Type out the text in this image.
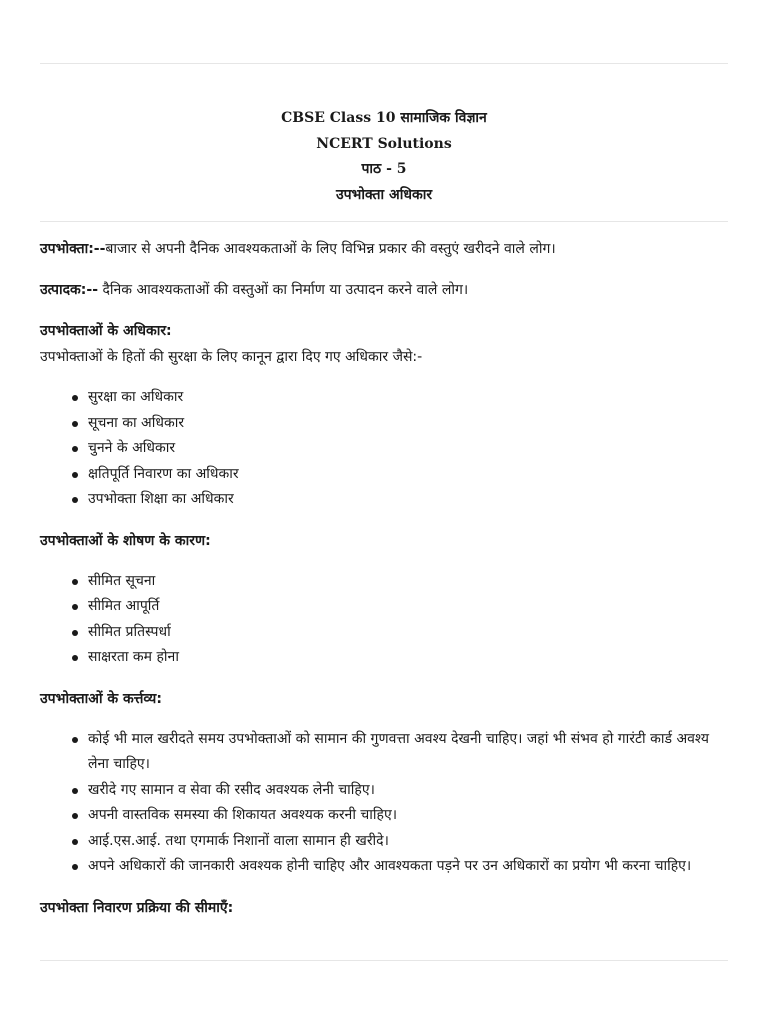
CBSE Class 10 सामाजिक विज्ञान
NCERT Solutions
पाठ - 5
उपभोक्ता अधिकार

उपभोक्ता:--बाजार से अपनी दैनिक आवश्यकताओं के लिए विभिन्न प्रकार की वस्तुएं खरीदने वाले लोग।

उत्पादक:-- दैनिक आवश्यकताओं की वस्तुओं का निर्माण या उत्पादन करने वाले लोग।

उपभोक्ताओं के अधिकार:

उपभोक्ताओं के हितों की सुरक्षा के लिए कानून द्वारा दिए गए अधिकार जैसे:-

सुरक्षा का अधिकार
सूचना का अधिकार
चुनने के अधिकार
क्षतिपूर्ति निवारण का अधिकार
उपभोक्ता शिक्षा का अधिकार

उपभोक्ताओं के शोषण के कारण:

सीमित सूचना
सीमित आपूर्ति
सीमित प्रतिस्पर्धा
साक्षरता कम होना

उपभोक्ताओं के कर्त्तव्य:

कोई भी माल खरीदते समय उपभोक्ताओं को सामान की गुणवत्ता अवश्य देखनी चाहिए। जहां भी संभव हो गारंटी कार्ड अवश्य लेना चाहिए।
खरीदे गए सामान व सेवा की रसीद अवश्यक लेनी चाहिए।
अपनी वास्तविक समस्या की शिकायत अवश्यक करनी चाहिए।
आई.एस.आई. तथा एगमार्क निशानों वाला सामान ही खरीदे।
अपने अधिकारों की जानकारी अवश्यक होनी चाहिए और आवश्यकता पड़ने पर उन अधिकारों का प्रयोग भी करना चाहिए।

उपभोक्ता निवारण प्रक्रिया की सीमाएँ:
